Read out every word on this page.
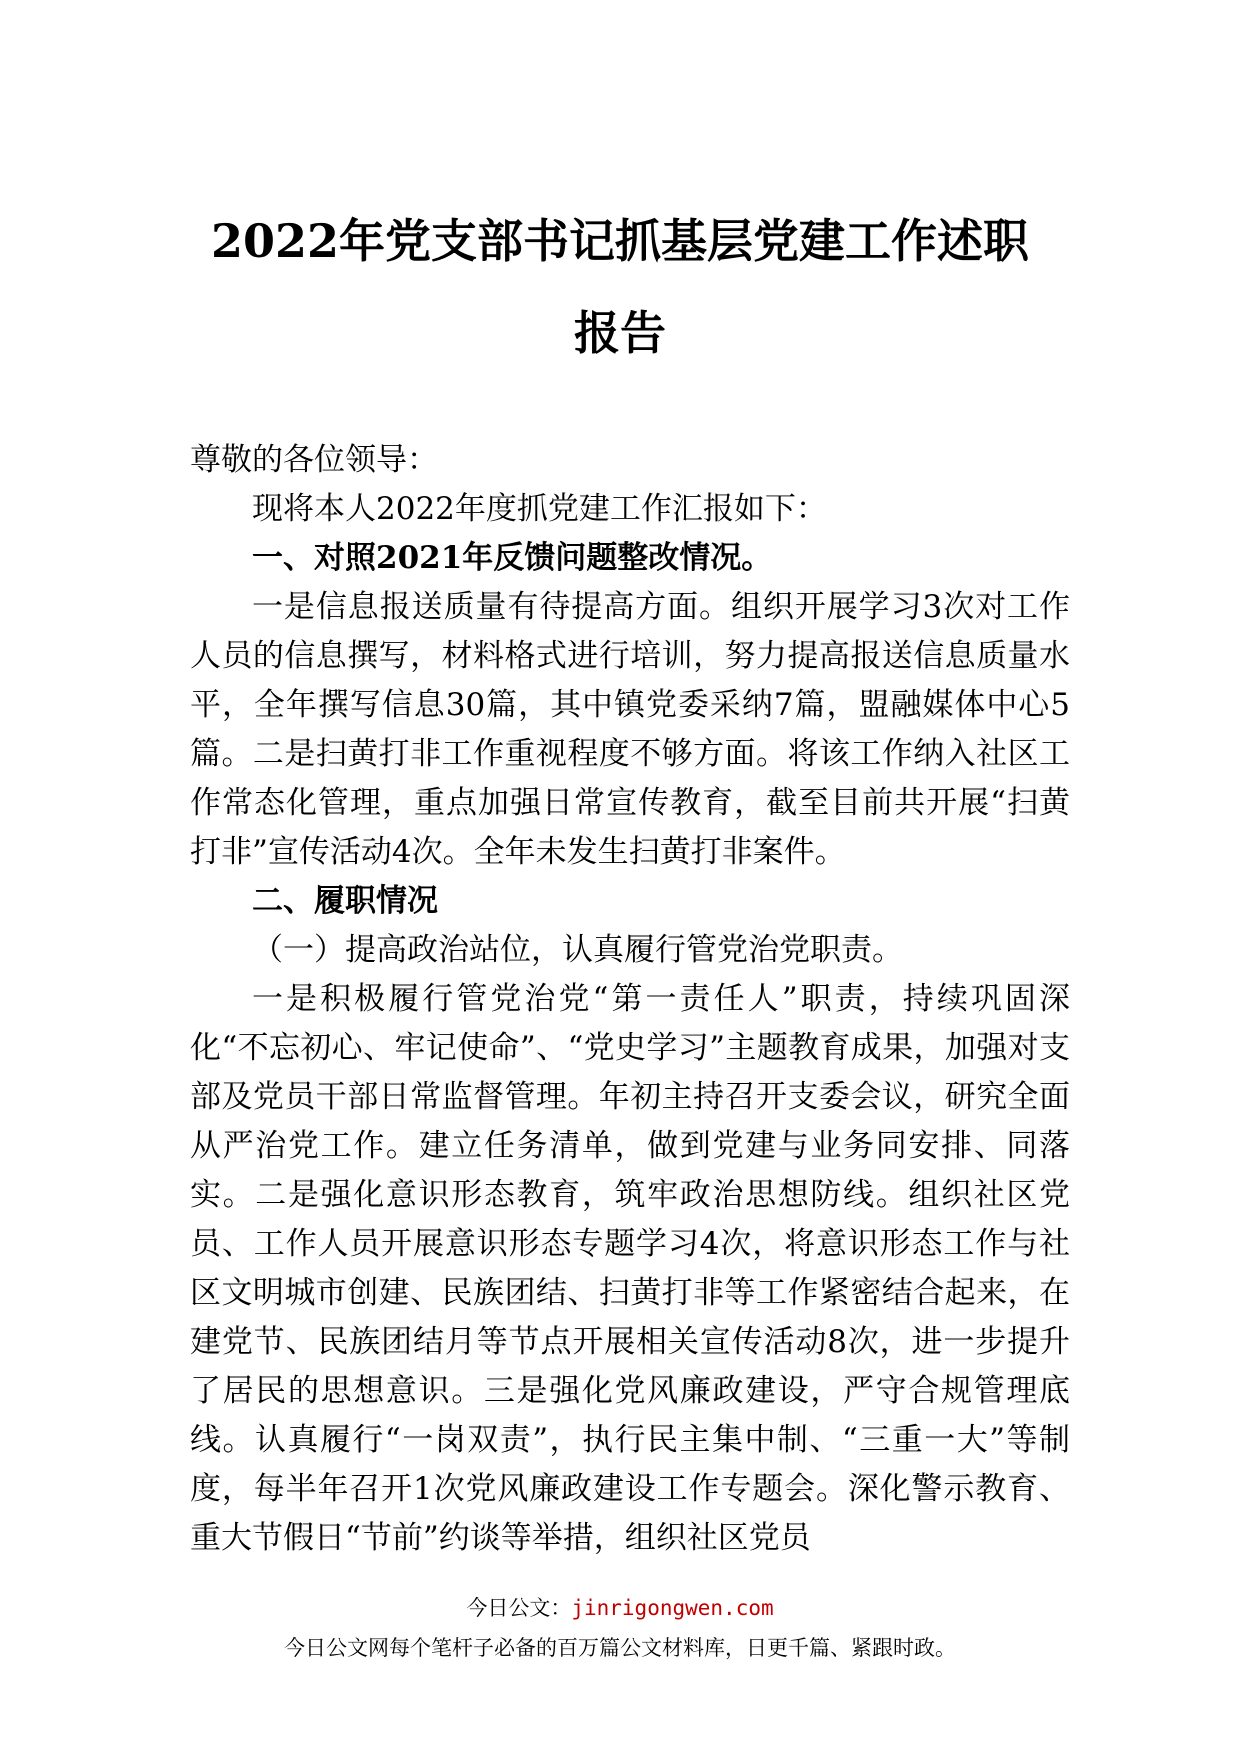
2022年党支部书记抓基层党建工作述职报告

尊敬的各位领导：

现将本人2022年度抓党建工作汇报如下：

一、对照2021年反馈问题整改情况。

一是信息报送质量有待提高方面。组织开展学习3次对工作人员的信息撰写，材料格式进行培训，努力提高报送信息质量水平，全年撰写信息30篇，其中镇党委采纳7篇，盟融媒体中心5篇。二是扫黄打非工作重视程度不够方面。将该工作纳入社区工作常态化管理，重点加强日常宣传教育，截至目前共开展“扫黄打非”宣传活动4次。全年未发生扫黄打非案件。

二、履职情况

（一）提高政治站位，认真履行管党治党职责。

一是积极履行管党治党“第一责任人”职责，持续巩固深化“不忘初心、牢记使命”、“党史学习”主题教育成果，加强对支部及党员干部日常监督管理。年初主持召开支委会议，研究全面从严治党工作。建立任务清单，做到党建与业务同安排、同落实。二是强化意识形态教育，筑牢政治思想防线。组织社区党员、工作人员开展意识形态专题学习4次，将意识形态工作与社区文明城市创建、民族团结、扫黄打非等工作紧密结合起来，在建党节、民族团结月等节点开展相关宣传活动8次，进一步提升了居民的思想意识。三是强化党风廉政建设，严守合规管理底线。认真履行“一岗双责”，执行民主集中制、“三重一大”等制度，每半年召开1次党风廉政建设工作专题会。深化警示教育、重大节假日“节前”约谈等举措，组织社区党员

今日公文：jinrigongwen.com
今日公文网每个笔杆子必备的百万篇公文材料库，日更千篇、紧跟时政。
